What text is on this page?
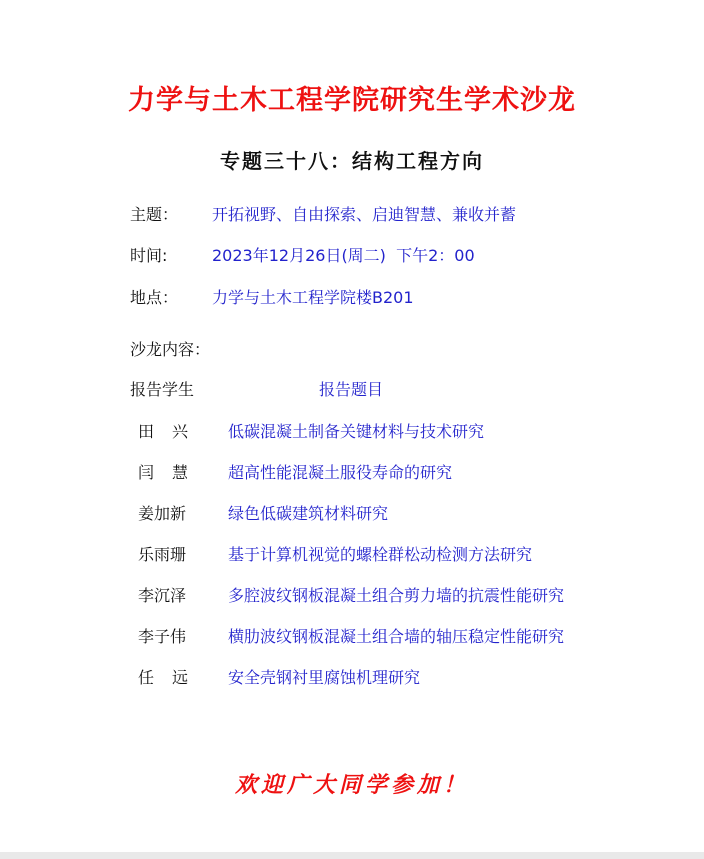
力学与土木工程学院研究生学术沙龙
专题三十八：结构工程方向
主题： 开拓视野、自由探索、启迪智慧、兼收并蓄
时间:	2023年12月26日(周二)  下午2：00
地点： 力学与土木工程学院楼B201
沙龙内容：
报告学生	报告题目
田兴 低碳混凝土制备关键材料与技术研究
闫慧 超高性能混凝土服役寿命的研究
姜加新	绿色低碳建筑材料研究
乐雨珊	基于计算机视觉的螺栓群松动检测方法研究
李沉泽	多腔波纹钢板混凝土组合剪力墙的抗震性能研究
李子伟	横肋波纹钢板混凝土组合墙的轴压稳定性能研究
任远 安全壳钢衬里腐蚀机理研究
欢迎广大同学参加！
